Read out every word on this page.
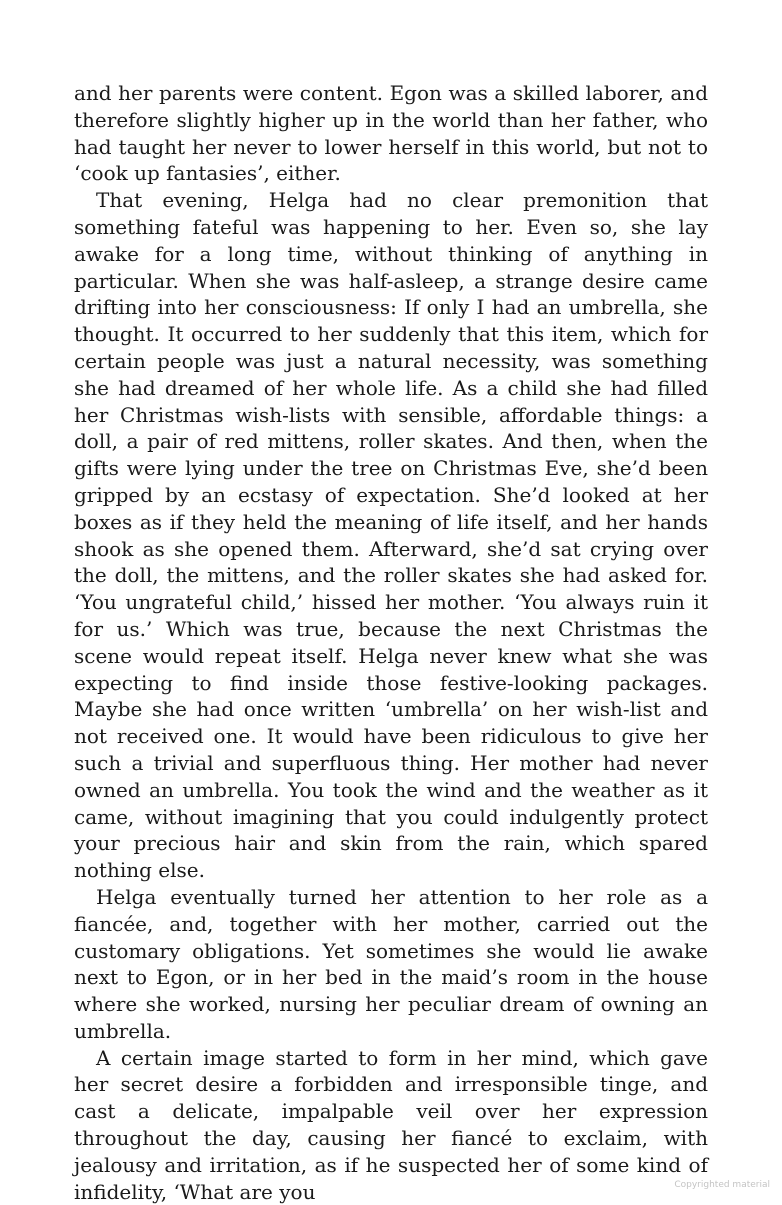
and her parents were content. Egon was a skilled laborer, and therefore slightly higher up in the world than her father, who had taught her never to lower herself in this world, but not to ‘cook up fantasies’, either.

That evening, Helga had no clear premonition that something fateful was happening to her. Even so, she lay awake for a long time, without thinking of anything in particular. When she was half-asleep, a strange desire came drifting into her consciousness: If only I had an umbrella, she thought. It occurred to her suddenly that this item, which for certain people was just a natural necessity, was something she had dreamed of her whole life. As a child she had filled her Christmas wish-lists with sensible, affordable things: a doll, a pair of red mittens, roller skates. And then, when the gifts were lying under the tree on Christmas Eve, she’d been gripped by an ecstasy of expectation. She’d looked at her boxes as if they held the meaning of life itself, and her hands shook as she opened them. Afterward, she’d sat crying over the doll, the mittens, and the roller skates she had asked for. ‘You ungrateful child,’ hissed her mother. ‘You always ruin it for us.’ Which was true, because the next Christmas the scene would repeat itself. Helga never knew what she was expecting to find inside those festive-looking packages. Maybe she had once written ‘umbrella’ on her wish-list and not received one. It would have been ridiculous to give her such a trivial and superfluous thing. Her mother had never owned an umbrella. You took the wind and the weather as it came, without imagining that you could indulgently protect your precious hair and skin from the rain, which spared nothing else.

Helga eventually turned her attention to her role as a fiancée, and, together with her mother, carried out the customary obligations. Yet sometimes she would lie awake next to Egon, or in her bed in the maid’s room in the house where she worked, nursing her peculiar dream of owning an umbrella.

A certain image started to form in her mind, which gave her secret desire a forbidden and irresponsible tinge, and cast a delicate, impalpable veil over her expression throughout the day, causing her fiancé to exclaim, with jealousy and irritation, as if he suspected her of some kind of infidelity, ‘What are you	Copyrighted material
